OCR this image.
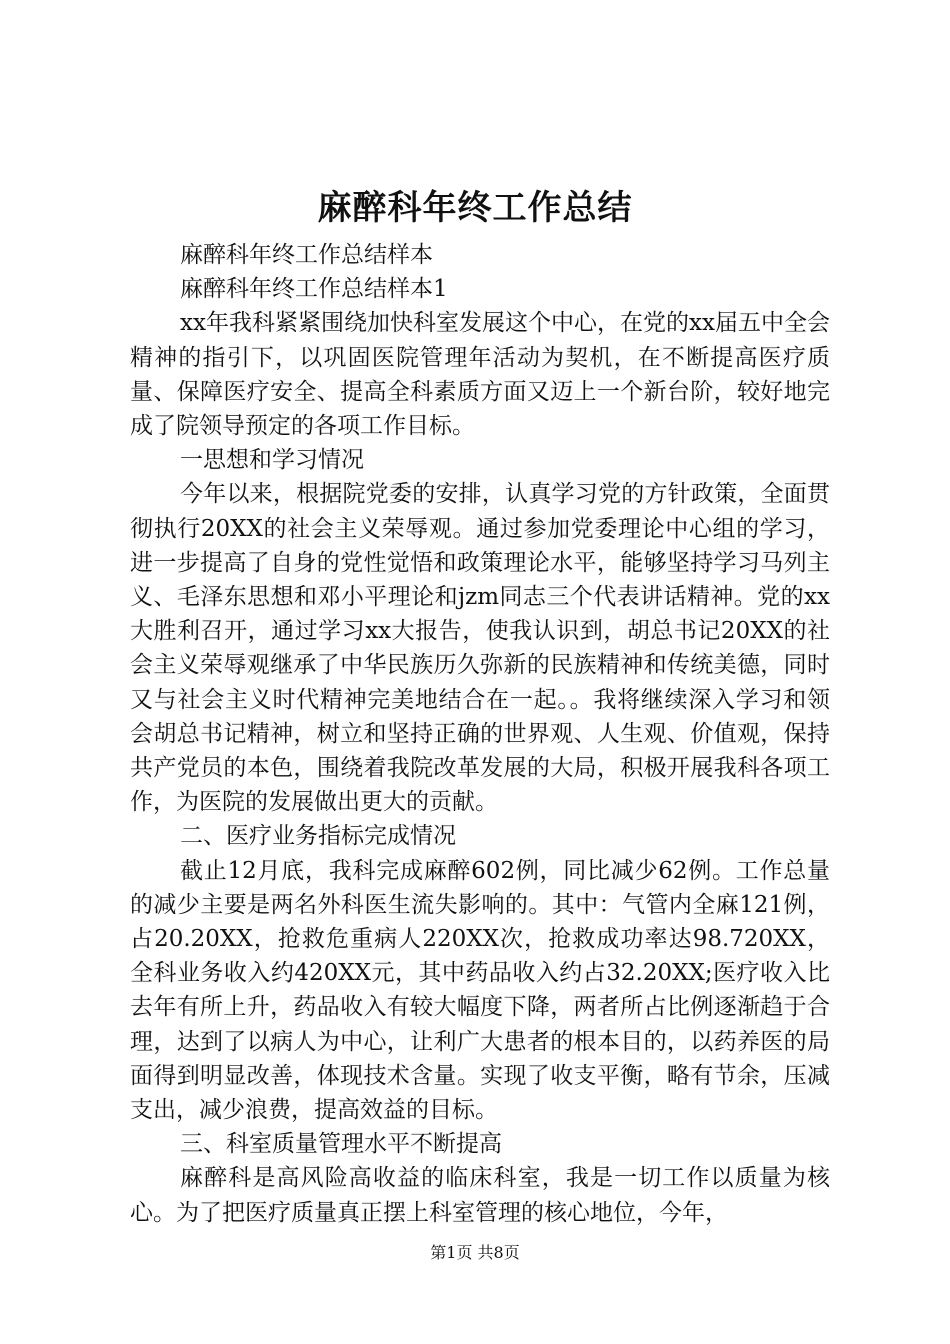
麻醉科年终工作总结

麻醉科年终工作总结样本

麻醉科年终工作总结样本1

xx年我科紧紧围绕加快科室发展这个中心，在党的xx届五中全会精神的指引下，以巩固医院管理年活动为契机，在不断提高医疗质量、保障医疗安全、提高全科素质方面又迈上一个新台阶，较好地完成了院领导预定的各项工作目标。

一思想和学习情况

今年以来，根据院党委的安排，认真学习党的方针政策，全面贯彻执行20XX的社会主义荣辱观。通过参加党委理论中心组的学习，进一步提高了自身的党性觉悟和政策理论水平，能够坚持学习马列主义、毛泽东思想和邓小平理论和jzm同志三个代表讲话精神。党的xx大胜利召开，通过学习xx大报告，使我认识到，胡总书记20XX的社会主义荣辱观继承了中华民族历久弥新的民族精神和传统美德，同时又与社会主义时代精神完美地结合在一起。。我将继续深入学习和领会胡总书记精神，树立和坚持正确的世界观、人生观、价值观，保持共产党员的本色，围绕着我院改革发展的大局，积极开展我科各项工作，为医院的发展做出更大的贡献。

二、医疗业务指标完成情况

截止12月底，我科完成麻醉602例，同比减少62例。工作总量的减少主要是两名外科医生流失影响的。其中：气管内全麻121例，占20.20XX，抢救危重病人220XX次，抢救成功率达98.720XX，全科业务收入约420XX元，其中药品收入约占32.20XX;医疗收入比去年有所上升，药品收入有较大幅度下降，两者所占比例逐渐趋于合理，达到了以病人为中心，让利广大患者的根本目的，以药养医的局面得到明显改善，体现技术含量。实现了收支平衡，略有节余，压减支出，减少浪费，提高效益的目标。

三、科室质量管理水平不断提高

麻醉科是高风险高收益的临床科室，我是一切工作以质量为核心。为了把医疗质量真正摆上科室管理的核心地位，今年，

第1页 共8页
